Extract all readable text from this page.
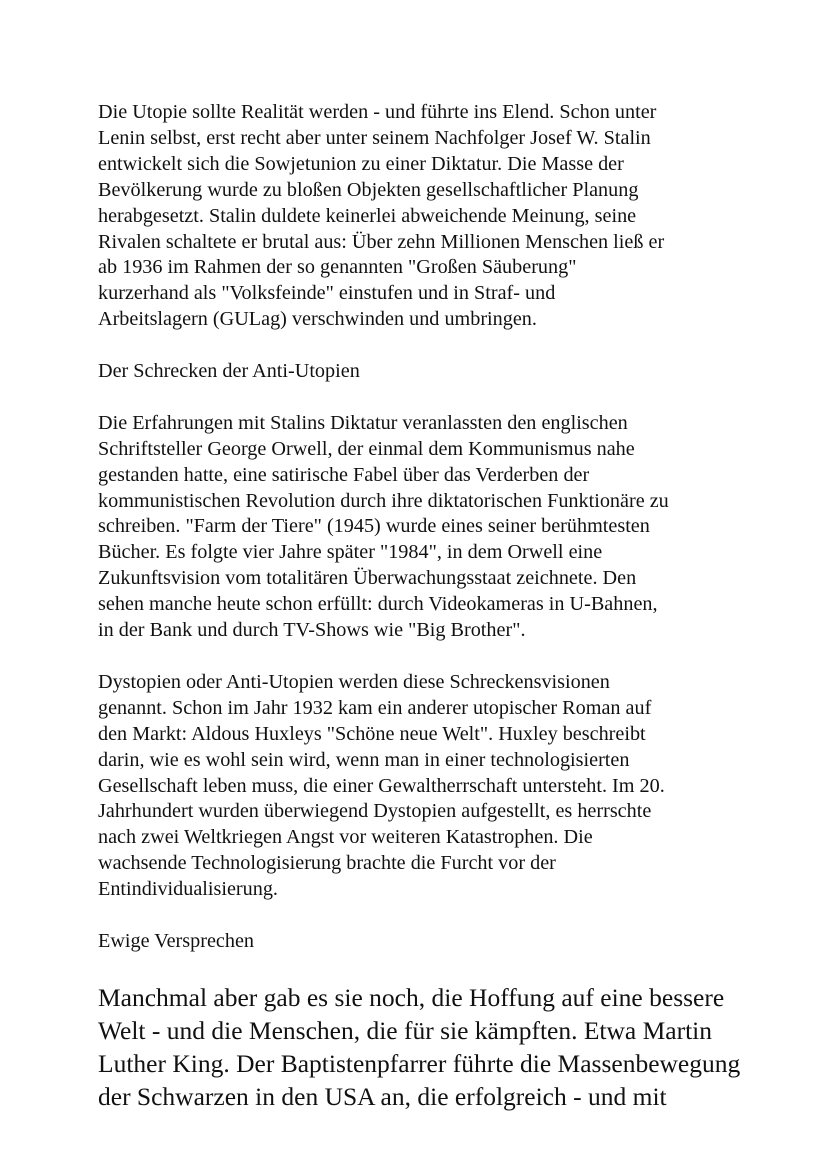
Die Utopie sollte Realität werden - und führte ins Elend. Schon unter
Lenin selbst, erst recht aber unter seinem Nachfolger Josef W. Stalin
entwickelt sich die Sowjetunion zu einer Diktatur. Die Masse der
Bevölkerung wurde zu bloßen Objekten gesellschaftlicher Planung
herabgesetzt. Stalin duldete keinerlei abweichende Meinung, seine
Rivalen schaltete er brutal aus: Über zehn Millionen Menschen ließ er
ab 1936 im Rahmen der so genannten "Großen Säuberung"
kurzerhand als "Volksfeinde" einstufen und in Straf- und
Arbeitslagern (GULag) verschwinden und umbringen.

Der Schrecken der Anti-Utopien

Die Erfahrungen mit Stalins Diktatur veranlassten den englischen
Schriftsteller George Orwell, der einmal dem Kommunismus nahe
gestanden hatte, eine satirische Fabel über das Verderben der
kommunistischen Revolution durch ihre diktatorischen Funktionäre zu
schreiben. "Farm der Tiere" (1945) wurde eines seiner berühmtesten
Bücher. Es folgte vier Jahre später "1984", in dem Orwell eine
Zukunftsvision vom totalitären Überwachungsstaat zeichnete. Den
sehen manche heute schon erfüllt: durch Videokameras in U-Bahnen,
in der Bank und durch TV-Shows wie "Big Brother".

Dystopien oder Anti-Utopien werden diese Schreckensvisionen
genannt. Schon im Jahr 1932 kam ein anderer utopischer Roman auf
den Markt: Aldous Huxleys "Schöne neue Welt". Huxley beschreibt
darin, wie es wohl sein wird, wenn man in einer technologisierten
Gesellschaft leben muss, die einer Gewaltherrschaft untersteht. Im 20.
Jahrhundert wurden überwiegend Dystopien aufgestellt, es herrschte
nach zwei Weltkriegen Angst vor weiteren Katastrophen. Die
wachsende Technologisierung brachte die Furcht vor der
Entindividualisierung.

Ewige Versprechen

Manchmal aber gab es sie noch, die Hoffung auf eine bessere
Welt - und die Menschen, die für sie kämpften. Etwa Martin
Luther King. Der Baptistenpfarrer führte die Massenbewegung
der Schwarzen in den USA an, die erfolgreich - und mit
